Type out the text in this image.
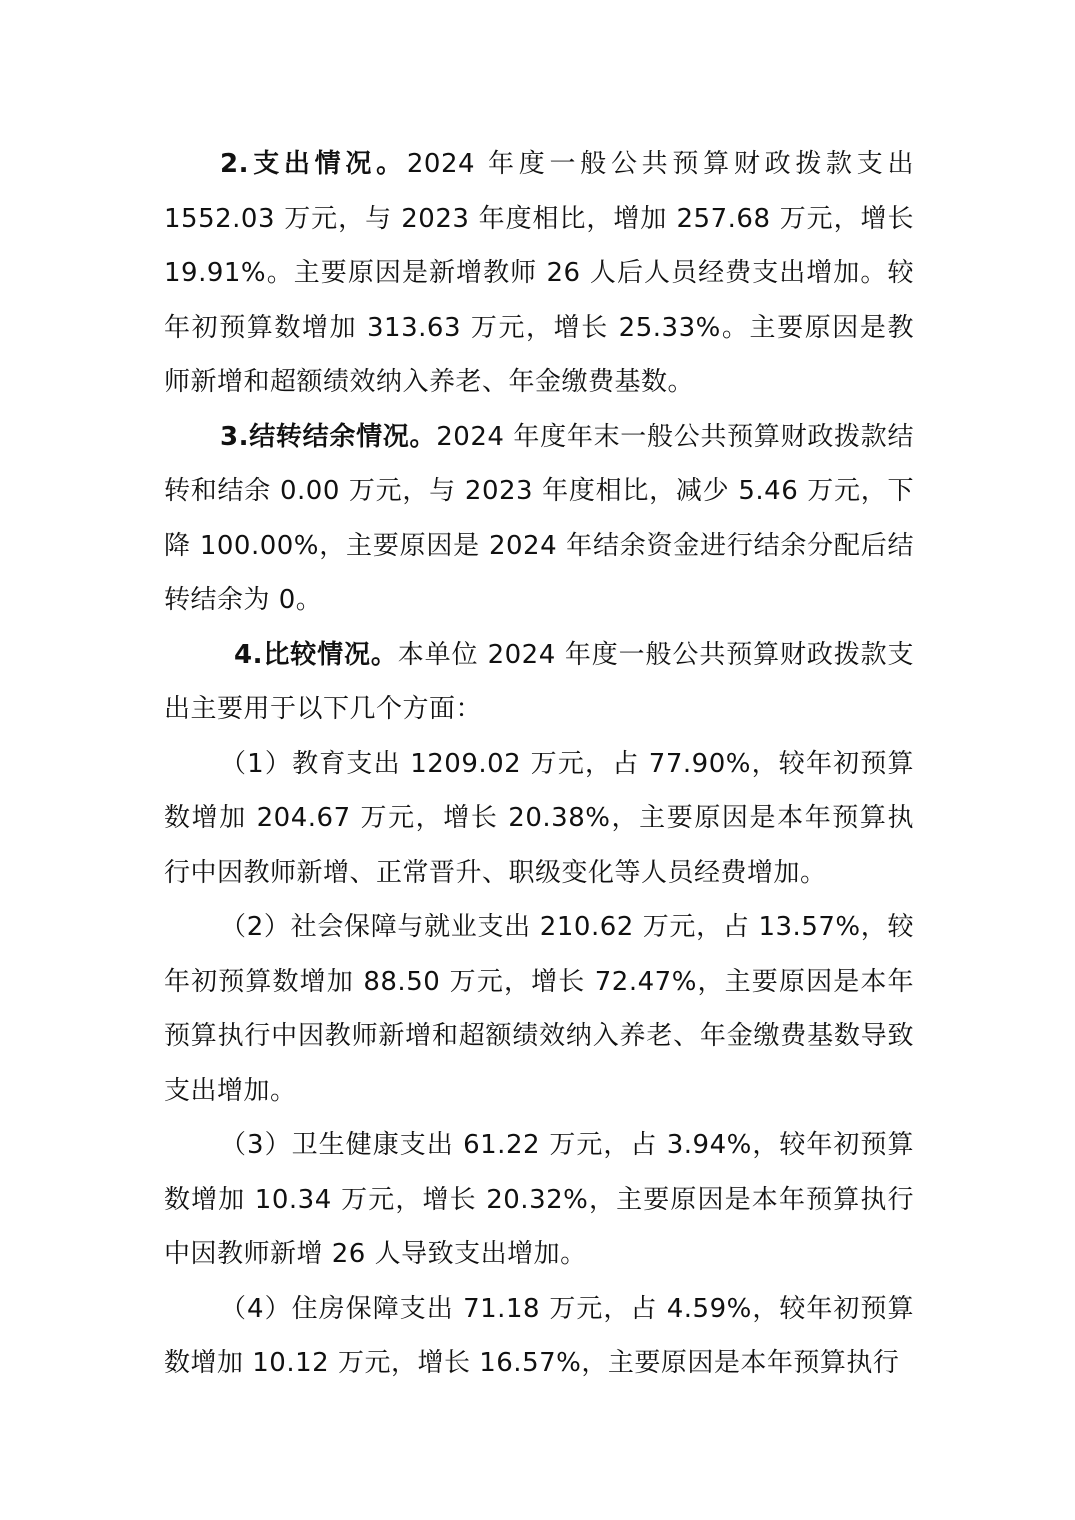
2.支出情况。2024 年度一般公共预算财政拨款支出 1552.03 万元，与 2023 年度相比，增加 257.68 万元，增长 19.91%。主要原因是新增教师 26 人后人员经费支出增加。较年初预算数增加 313.63 万元，增长 25.33%。主要原因是教师新增和超额绩效纳入养老、年金缴费基数。

3.结转结余情况。2024 年度年末一般公共预算财政拨款结转和结余 0.00 万元，与 2023 年度相比，减少 5.46 万元，下降 100.00%，主要原因是 2024 年结余资金进行结余分配后结转结余为 0。

4.比较情况。本单位 2024 年度一般公共预算财政拨款支出主要用于以下几个方面：

（1）教育支出 1209.02 万元，占 77.90%，较年初预算数增加 204.67 万元，增长 20.38%，主要原因是本年预算执行中因教师新增、正常晋升、职级变化等人员经费增加。

（2）社会保障与就业支出 210.62 万元，占 13.57%，较年初预算数增加 88.50 万元，增长 72.47%，主要原因是本年预算执行中因教师新增和超额绩效纳入养老、年金缴费基数导致支出增加。

（3）卫生健康支出 61.22 万元，占 3.94%，较年初预算数增加 10.34 万元，增长 20.32%，主要原因是本年预算执行中因教师新增 26 人导致支出增加。

（4）住房保障支出 71.18 万元，占 4.59%，较年初预算数增加 10.12 万元，增长 16.57%，主要原因是本年预算执行
